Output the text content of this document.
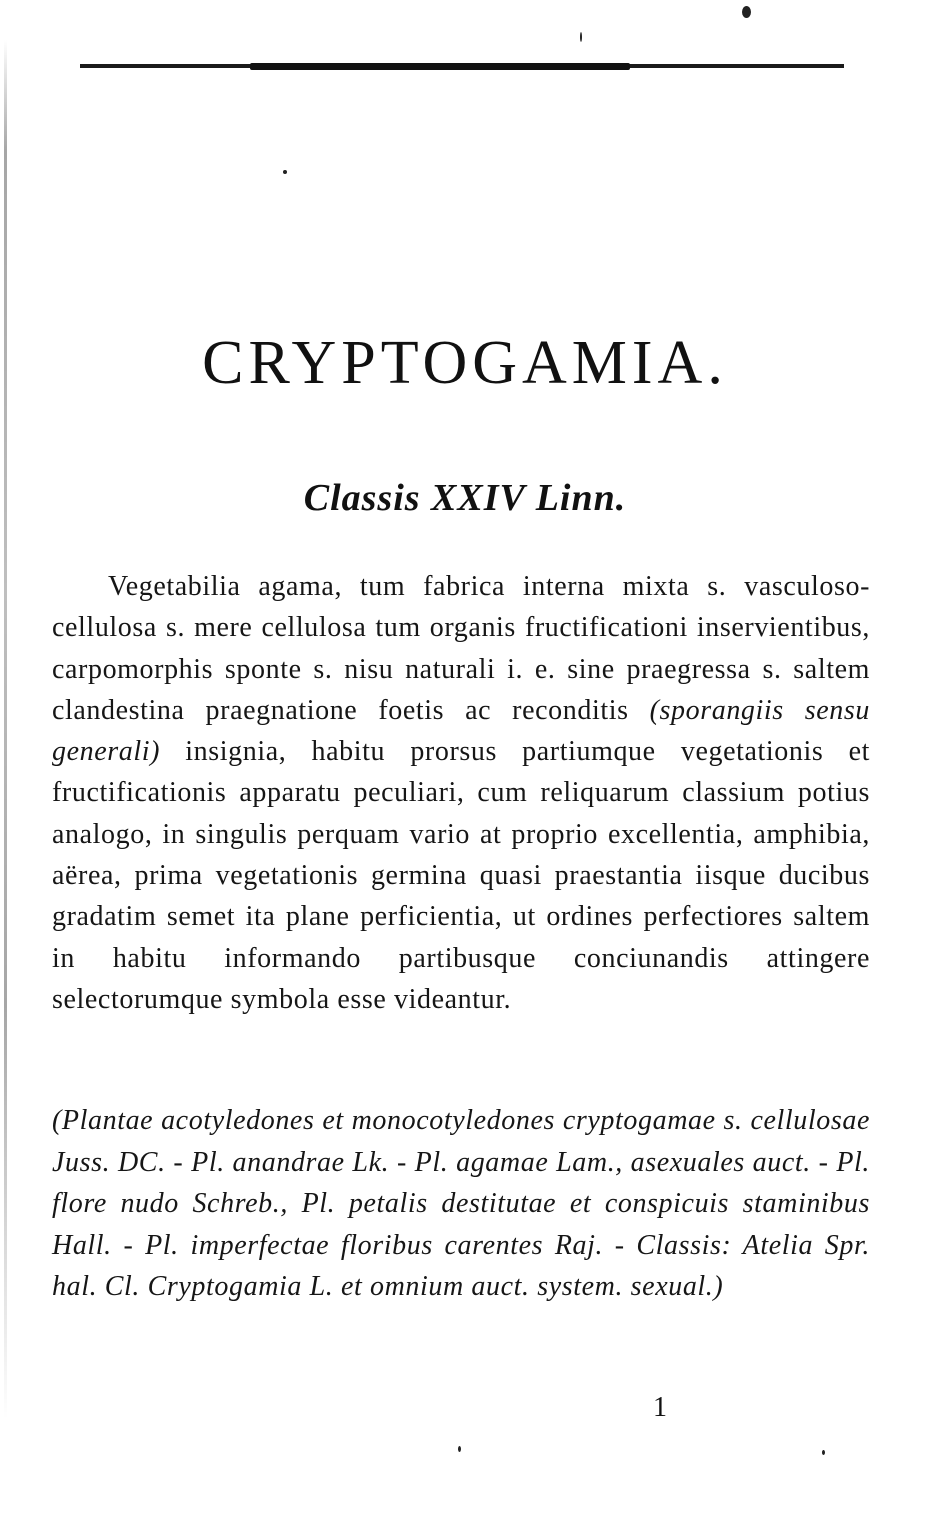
CRYPTOGAMIA.
Classis XXIV Linn.

Vegetabilia agama, tum fabrica interna mixta s. vasculoso-cellulosa s. mere cellulosa tum organis fructificationi inservientibus, carpomorphis sponte s. nisu naturali i. e. sine praegressa s. saltem clandestina praegnatione foetis ac reconditis (sporangiis sensu generali) insignia, habitu prorsus partiumque vegetationis et fructificationis apparatu peculiari, cum reliquarum classium potius analogo, in singulis perquam vario at proprio excellentia, amphibia, aërea, prima vegetationis germina quasi praestantia iisque ducibus gradatim semet ita plane perficientia, ut ordines perfectiores saltem in habitu informando partibusque conciunandis attingere selectorumque symbola esse videantur.

(Plantae acotyledones et monocotyledones cryptogamae s. cellulosae Juss. DC. - Pl. anandrae Lk. - Pl. agamae Lam., asexuales auct. - Pl. flore nudo Schreb., Pl. petalis destitutae et conspicuis staminibus Hall. - Pl. imperfectae floribus carentes Raj. - Classis: Atelia Spr. hal. Cl. Cryptogamia L. et omnium auct. system. sexual.)

1
